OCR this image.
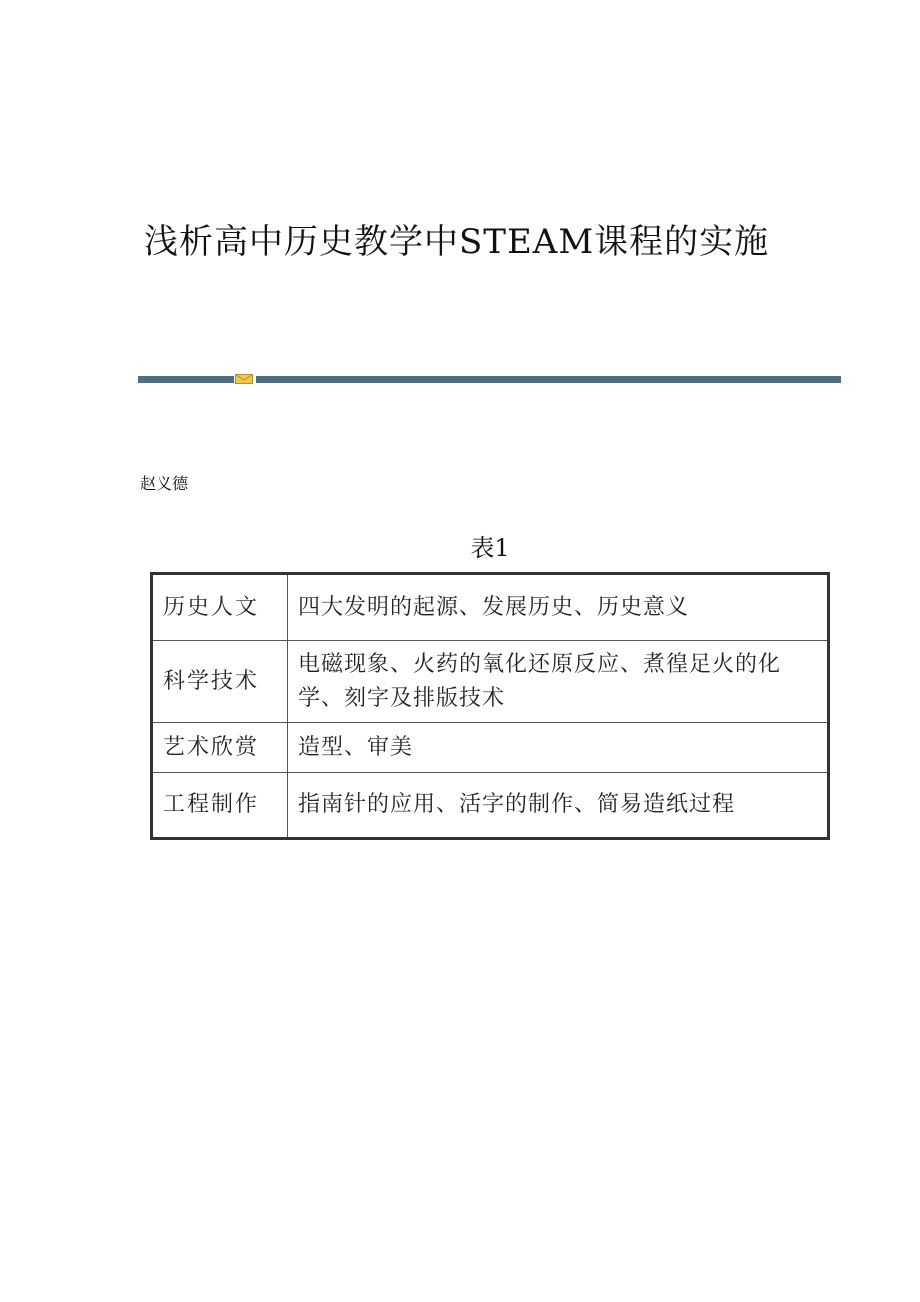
浅析高中历史教学中STEAM课程的实施
赵义德
表1
历史人文	四大发明的起源、发展历史、历史意义
科学技术	电磁现象、火药的氧化还原反应、煮徨足火的化学、刻字及排版技术
艺术欣赏	造型、审美
工程制作	指南针的应用、活字的制作、简易造纸过程
